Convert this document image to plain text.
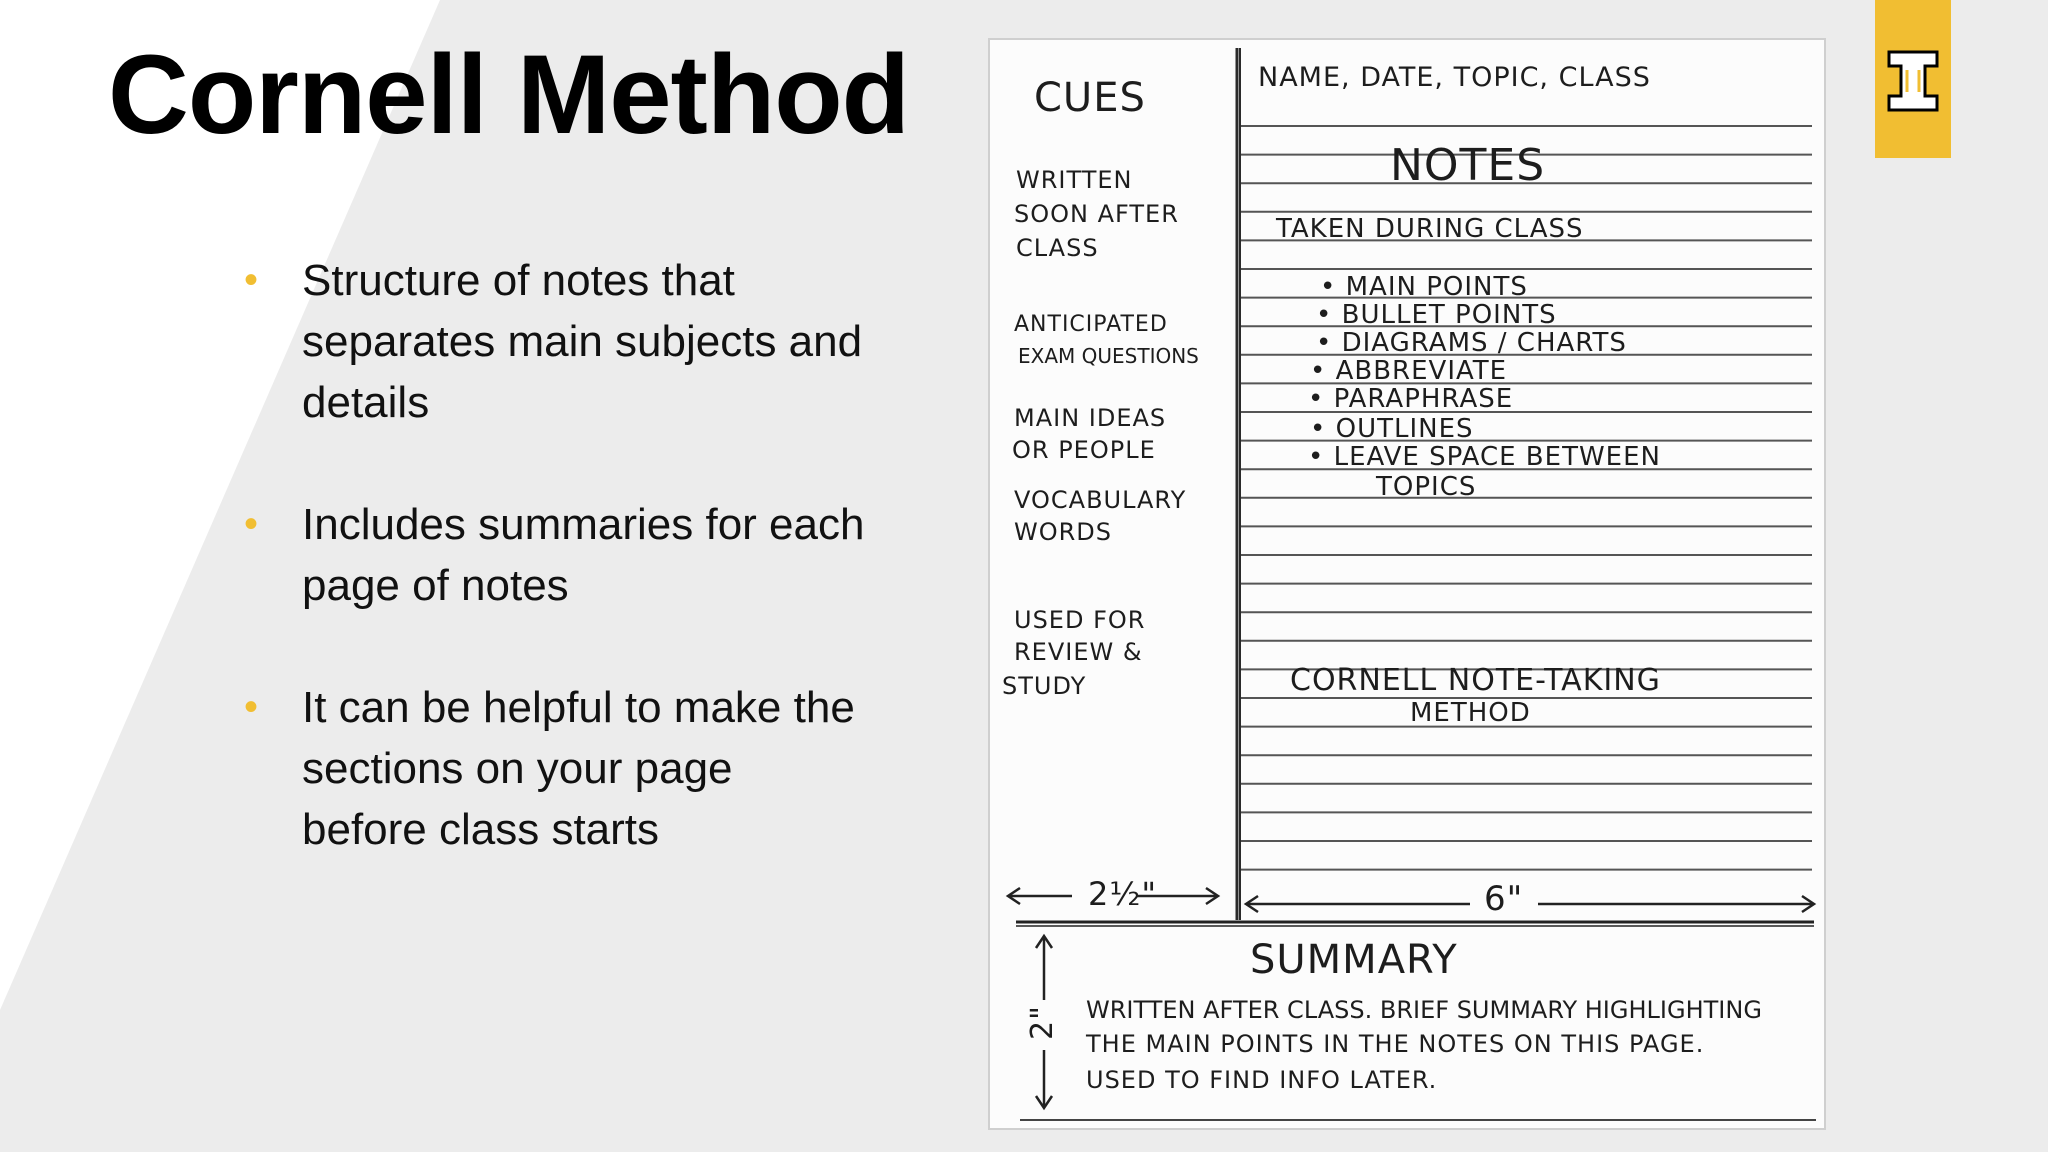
Cornell Method
• Structure of notes that
separates main subjects and
details
• Includes summaries for each
page of notes
• It can be helpful to make the
sections on your page
before class starts
CUES
WRITTEN
SOON AFTER
CLASS
ANTICIPATED
EXAM QUESTIONS
MAIN IDEAS
OR PEOPLE
VOCABULARY
WORDS
USED FOR
REVIEW &
STUDY
NAME, DATE, TOPIC, CLASS
NOTES
TAKEN DURING CLASS
• MAIN POINTS
• BULLET POINTS
• DIAGRAMS / CHARTS
• ABBREVIATE
• PARAPHRASE
• OUTLINES
• LEAVE SPACE BETWEEN
TOPICS
CORNELL NOTE-TAKING
METHOD
2½"	6"
2"
SUMMARY
WRITTEN AFTER CLASS. BRIEF SUMMARY HIGHLIGHTING
THE MAIN POINTS IN THE NOTES ON THIS PAGE.
USED TO FIND INFO LATER.
